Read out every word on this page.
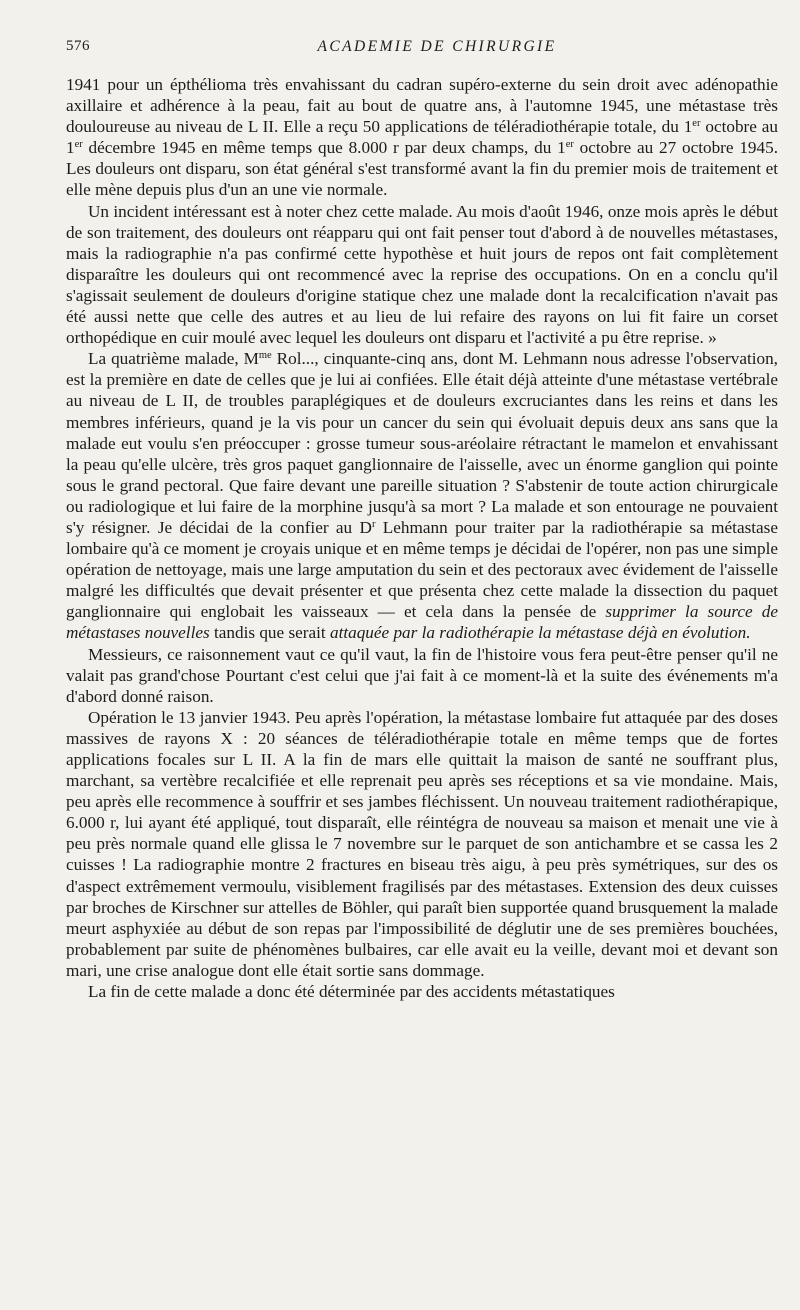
576	ACADEMIE DE CHIRURGIE

1941 pour un épthélioma très envahissant du cadran supéro-externe du sein droit avec adénopathie axillaire et adhérence à la peau, fait au bout de quatre ans, à l'automne 1945, une métastase très douloureuse au niveau de L II. Elle a reçu 50 applications de téléradiothérapie totale, du 1er octobre au 1er décembre 1945 en même temps que 8.000 r par deux champs, du 1er octobre au 27 octobre 1945. Les douleurs ont disparu, son état général s'est transformé avant la fin du premier mois de traitement et elle mène depuis plus d'un an une vie normale.

Un incident intéressant est à noter chez cette malade. Au mois d'août 1946, onze mois après le début de son traitement, des douleurs ont réapparu qui ont fait penser tout d'abord à de nouvelles métastases, mais la radiographie n'a pas confirmé cette hypothèse et huit jours de repos ont fait complètement disparaître les douleurs qui ont recommencé avec la reprise des occupations. On en a conclu qu'il s'agissait seulement de douleurs d'origine statique chez une malade dont la recalcification n'avait pas été aussi nette que celle des autres et au lieu de lui refaire des rayons on lui fit faire un corset orthopédique en cuir moulé avec lequel les douleurs ont disparu et l'activité a pu être reprise. »

La quatrième malade, $M^{me}$ Rol..., cinquante-cinq ans, dont M. Lehmann nous adresse l'observation, est la première en date de celles que je lui ai confiées. Elle était déjà atteinte d'une métastase vertébrale au niveau de L II, de troubles paraplégiques et de douleurs excruciantes dans les reins et dans les membres inférieurs, quand je la vis pour un cancer du sein qui évoluait depuis deux ans sans que la malade eut voulu s'en préoccuper : grosse tumeur sous-aréolaire rétractant le mamelon et envahissant la peau qu'elle ulcère, très gros paquet ganglionnaire de l'aisselle, avec un énorme ganglion qui pointe sous le grand pectoral. Que faire devant une pareille situation ? S'abstenir de toute action chirurgicale ou radiologique et lui faire de la morphine jusqu'à sa mort ? La malade et son entourage ne pouvaient s'y résigner. Je décidai de la confier au $D^r$ Lehmann pour traiter par la radiothérapie sa métastase lombaire qu'à ce moment je croyais unique et en même temps je décidai de l'opérer, non pas une simple opération de nettoyage, mais une large amputation du sein et des pectoraux avec évidement de l'aisselle malgré les difficultés que devait présenter et que présenta chez cette malade la dissection du paquet ganglionnaire qui englobait les vaisseaux — et cela dans la pensée de supprimer la source de métastases nouvelles tandis que serait attaquée par la radiothérapie la métastase déjà en évolution.

Messieurs, ce raisonnement vaut ce qu'il vaut, la fin de l'histoire vous fera peut-être penser qu'il ne valait pas grand'chose Pourtant c'est celui que j'ai fait à ce moment-là et la suite des événements m'a d'abord donné raison.

Opération le 13 janvier 1943. Peu après l'opération, la métastase lombaire fut attaquée par des doses massives de rayons X : 20 séances de téléradiothérapie totale en même temps que de fortes applications focales sur L II. A la fin de mars elle quittait la maison de santé ne souffrant plus, marchant, sa vertèbre recalcifiée et elle reprenait peu après ses réceptions et sa vie mondaine. Mais, peu après elle recommence à souffrir et ses jambes fléchissent. Un nouveau traitement radiothérapique, 6.000 r, lui ayant été appliqué, tout disparaît, elle réintégra de nouveau sa maison et menait une vie à peu près normale quand elle glissa le 7 novembre sur le parquet de son antichambre et se cassa les 2 cuisses ! La radiographie montre 2 fractures en biseau très aigu, à peu près symétriques, sur des os d'aspect extrêmement vermoulu, visiblement fragilisés par des métastases. Extension des deux cuisses par broches de Kirschner sur attelles de Böhler, qui paraît bien supportée quand brusquement la malade meurt asphyxiée au début de son repas par l'impossibilité de déglutir une de ses premières bouchées, probablement par suite de phénomènes bulbaires, car elle avait eu la veille, devant moi et devant son mari, une crise analogue dont elle était sortie sans dommage.

La fin de cette malade a donc été déterminée par des accidents métastatiques
